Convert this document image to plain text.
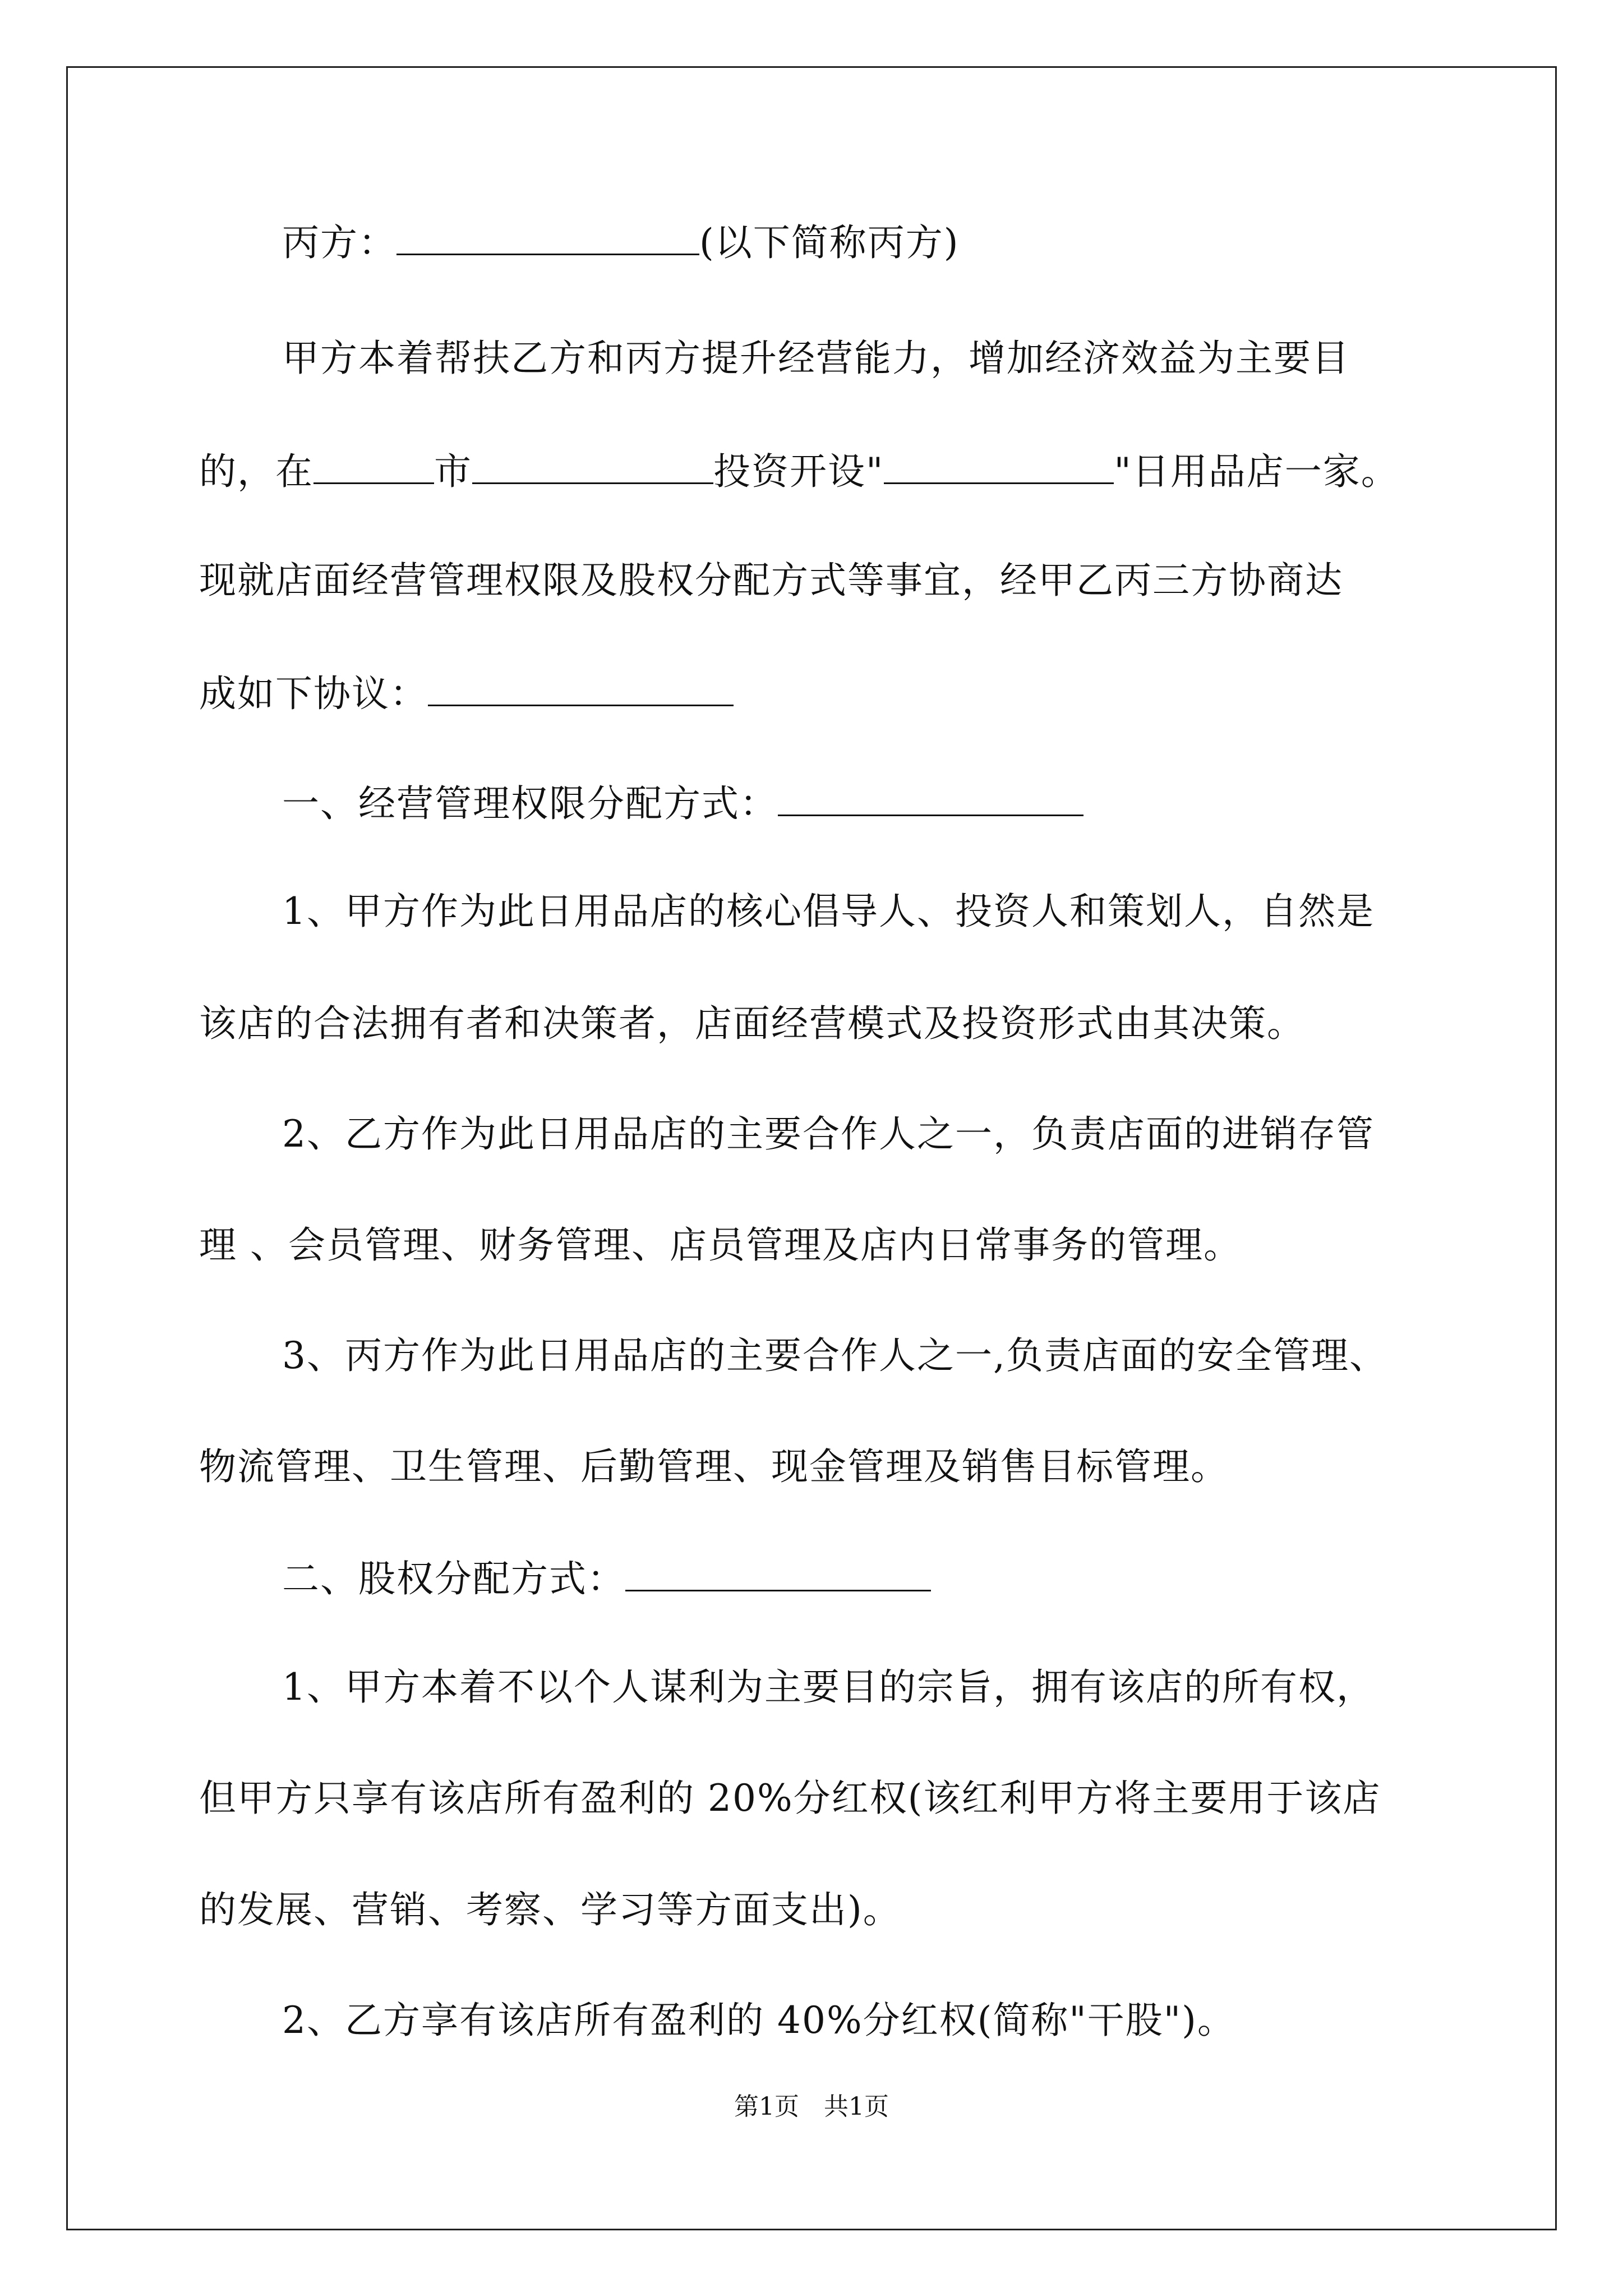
丙方：	(以下简称丙方)
甲方本着帮扶乙方和丙方提升经营能力，增加经济效益为主要目
的，在	市	投资开设"	"日用品店一家。
现就店面经营管理权限及股权分配方式等事宜，经甲乙丙三方协商达
成如下协议：
一、经营管理权限分配方式：
1、甲方作为此日用品店的核心倡导人、投资人和策划人，自然是
该店的合法拥有者和决策者，店面经营模式及投资形式由其决策。
2、乙方作为此日用品店的主要合作人之一，负责店面的进销存管
理 、会员管理、财务管理、店员管理及店内日常事务的管理。
3、丙方作为此日用品店的主要合作人之一,负责店面的安全管理、
物流管理、卫生管理、后勤管理、现金管理及销售目标管理。
二、股权分配方式：
1、甲方本着不以个人谋利为主要目的宗旨，拥有该店的所有权，
但甲方只享有该店所有盈利的 20%分红权(该红利甲方将主要用于该店
的发展、营销、考察、学习等方面支出)。
2、乙方享有该店所有盈利的 40%分红权(简称"干股")。
第1页　共1页
